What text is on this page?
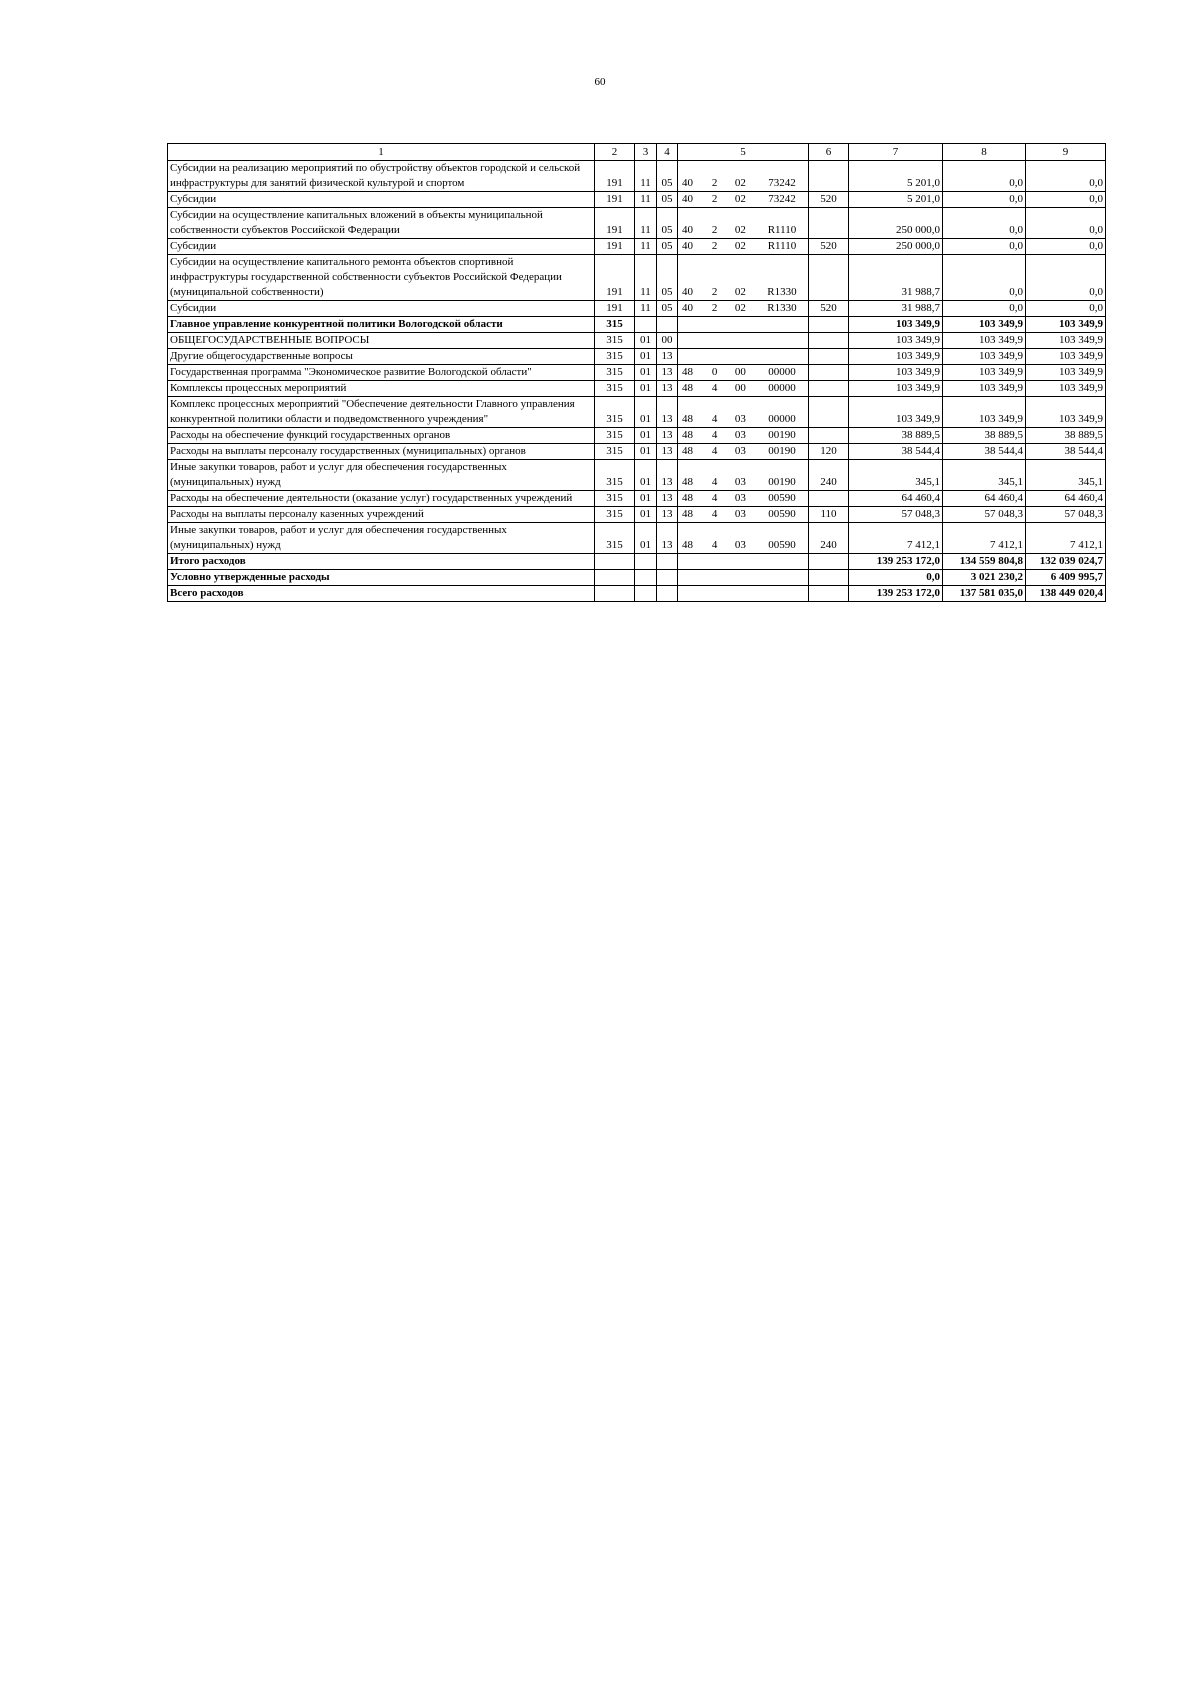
60
1	2	3	4	5	6	7	8	9
Субсидии на реализацию мероприятий по обустройству объектов городской и сельской инфраструктуры для занятий физической культурой и спортом	191	11	05	40 2 02 73242		5 201,0	0,0	0,0
Субсидии	191	11	05	40 2 02 73242	520	5 201,0	0,0	0,0
Субсидии на осуществление капитальных вложений в объекты муниципальной собственности субъектов Российской Федерации	191	11	05	40 2 02 R1110		250 000,0	0,0	0,0
Субсидии	191	11	05	40 2 02 R1110	520	250 000,0	0,0	0,0
Субсидии на осуществление капитального ремонта объектов спортивной инфраструктуры государственной собственности субъектов Российской Федерации (муниципальной собственности)	191	11	05	40 2 02 R1330		31 988,7	0,0	0,0
Субсидии	191	11	05	40 2 02 R1330	520	31 988,7	0,0	0,0
Главное управление конкурентной политики Вологодской области	315					103 349,9	103 349,9	103 349,9
ОБЩЕГОСУДАРСТВЕННЫЕ ВОПРОСЫ	315	01	00			103 349,9	103 349,9	103 349,9
Другие общегосударственные вопросы	315	01	13			103 349,9	103 349,9	103 349,9
Государственная программа "Экономическое развитие Вологодской области"	315	01	13	48 0 00 00000		103 349,9	103 349,9	103 349,9
Комплексы процессных мероприятий	315	01	13	48 4 00 00000		103 349,9	103 349,9	103 349,9
Комплекс процессных мероприятий "Обеспечение деятельности Главного управления конкурентной политики области и подведомственного учреждения"	315	01	13	48 4 03 00000		103 349,9	103 349,9	103 349,9
Расходы на обеспечение функций государственных органов	315	01	13	48 4 03 00190		38 889,5	38 889,5	38 889,5
Расходы на выплаты персоналу государственных (муниципальных) органов	315	01	13	48 4 03 00190	120	38 544,4	38 544,4	38 544,4
Иные закупки товаров, работ и услуг для обеспечения государственных (муниципальных) нужд	315	01	13	48 4 03 00190	240	345,1	345,1	345,1
Расходы на обеспечение деятельности (оказание услуг) государственных учреждений	315	01	13	48 4 03 00590		64 460,4	64 460,4	64 460,4
Расходы на выплаты персоналу казенных учреждений	315	01	13	48 4 03 00590	110	57 048,3	57 048,3	57 048,3
Иные закупки товаров, работ и услуг для обеспечения государственных (муниципальных) нужд	315	01	13	48 4 03 00590	240	7 412,1	7 412,1	7 412,1
Итого расходов						139 253 172,0	134 559 804,8	132 039 024,7
Условно утвержденные расходы						0,0	3 021 230,2	6 409 995,7
Всего расходов						139 253 172,0	137 581 035,0	138 449 020,4
